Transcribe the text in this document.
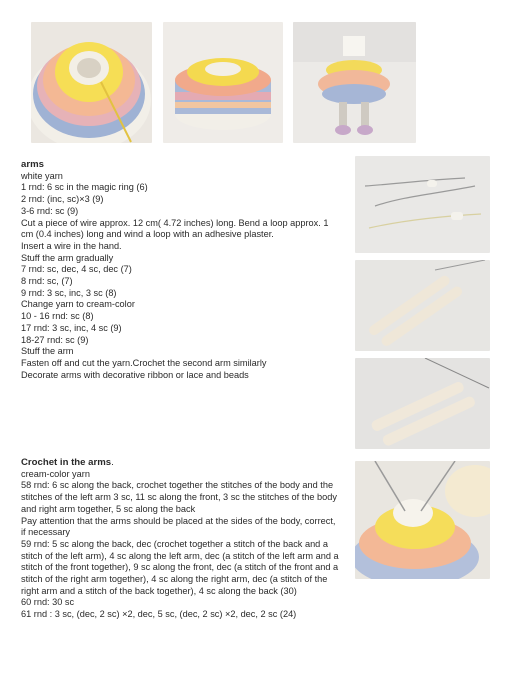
arms
white yarn
1 rnd: 6 sc in the magic ring (6)
2 rnd: (inc, sc)×3 (9)
3-6 rnd: sc (9)
Cut a piece of wire approx. 12 cm( 4.72 inches) long. Bend a loop approx. 1 cm (0.4 inches) long and wind a loop with an adhesive plaster.
Insert a wire in the hand.
Stuff the arm gradually
7 rnd: sc, dec, 4 sc, dec (7)
8 rnd: sc, (7)
9 rnd: 3 sc, inc, 3 sc (8)
Change yarn to cream-color
10 - 16 rnd: sc (8)
17 rnd: 3 sc, inc, 4 sc (9)
18-27 rnd: sc (9)
Stuff the arm
Fasten off and cut the yarn.Crochet the second arm similarly
Decorate arms with decorative ribbon or lace and beads
Crochet in the arms.
cream-color yarn
58 rnd: 6 sc along the back, crochet together the stitches of the body and the stitches of the left arm 3 sc, 11 sc along the front, 3 sc the stitches of the body and right arm together, 5 sc along the back
Pay attention that the arms should be placed at the sides of the body, correct, if necessary
59 rnd: 5 sc along the back, dec (crochet together a stitch of the back and a stitch of the left arm), 4 sc along the left arm, dec (a stitch of the left arm and a stitch of the front together), 9 sc along the front, dec (a stitch of the front and a stitch of the right arm together), 4 sc along the right arm, dec (a stitch of the right arm and a stitch of the back together), 4 sc along the back (30)
60 rnd: 30 sc
61 rnd : 3 sc, (dec, 2 sc) ×2, dec, 5 sc, (dec, 2 sc) ×2, dec, 2 sc (24)
